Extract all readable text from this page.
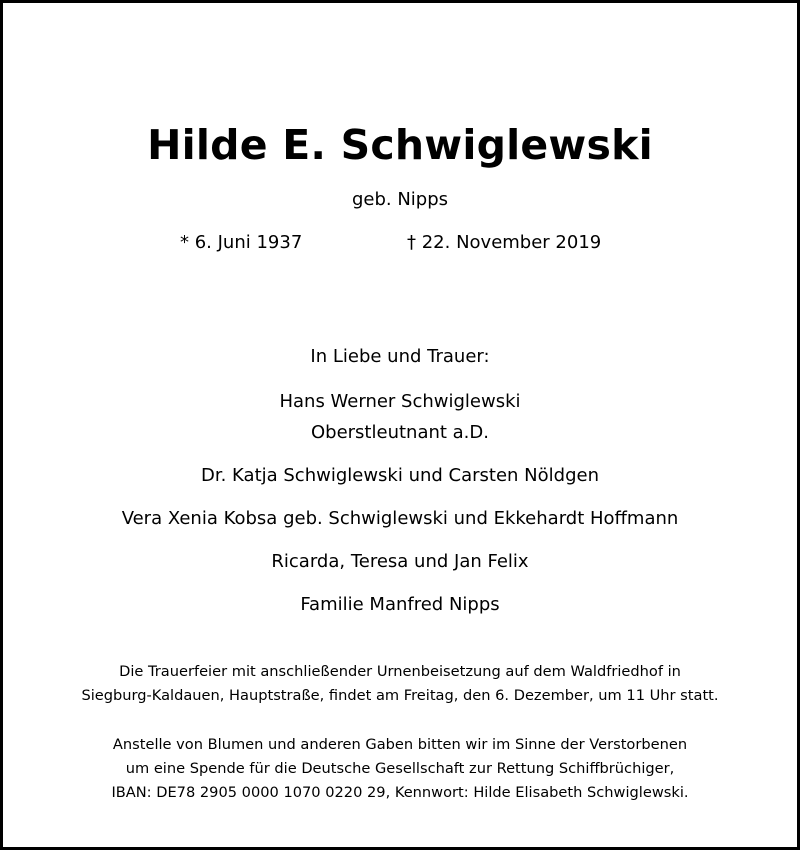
Hilde E. Schwiglewski
geb. Nipps
* 6. Juni 1937	† 22. November 2019
In Liebe und Trauer:
Hans Werner Schwiglewski
Oberstleutnant a.D.
Dr. Katja Schwiglewski und Carsten Nöldgen
Vera Xenia Kobsa geb. Schwiglewski und Ekkehardt Hoffmann
Ricarda, Teresa und Jan Felix
Familie Manfred Nipps
Die Trauerfeier mit anschließender Urnenbeisetzung auf dem Waldfriedhof in
Siegburg-Kaldauen, Hauptstraße, findet am Freitag, den 6. Dezember, um 11 Uhr statt.
Anstelle von Blumen und anderen Gaben bitten wir im Sinne der Verstorbenen
um eine Spende für die Deutsche Gesellschaft zur Rettung Schiffbrüchiger,
IBAN: DE78 2905 0000 1070 0220 29, Kennwort: Hilde Elisabeth Schwiglewski.
